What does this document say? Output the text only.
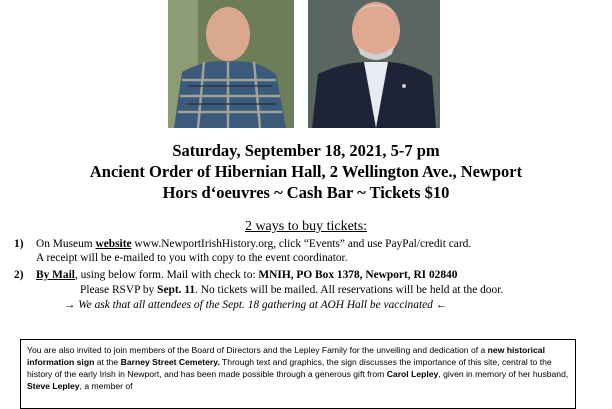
Saturday, September 18, 2021, 5-7 pm
Ancient Order of Hibernian Hall, 2 Wellington Ave., Newport
Hors d‘oeuvres ~ Cash Bar ~ Tickets $10
2 ways to buy tickets:
1) On Museum website www.NewportIrishHistory.org, click “Events” and use PayPal/credit card.
A receipt will be e-mailed to you with copy to the event coordinator.
2) By Mail, using below form. Mail with check to: MNIH, PO Box 1378, Newport, RI 02840
Please RSVP by Sept. 11. No tickets will be mailed. All reservations will be held at the door.
→ We ask that all attendees of the Sept. 18 gathering at AOH Hall be vaccinated ←
You are also invited to join members of the Board of Directors and the Lepley Family for the unveiling and dedication of a new historical information sign at the Barney Street Cemetery. Through text and graphics, the sign discusses the importance of this site, central to the history of the early Irish in Newport, and has been made possible through a generous gift from Carol Lepley, given in memory of her husband, Steve Lepley, a member of
